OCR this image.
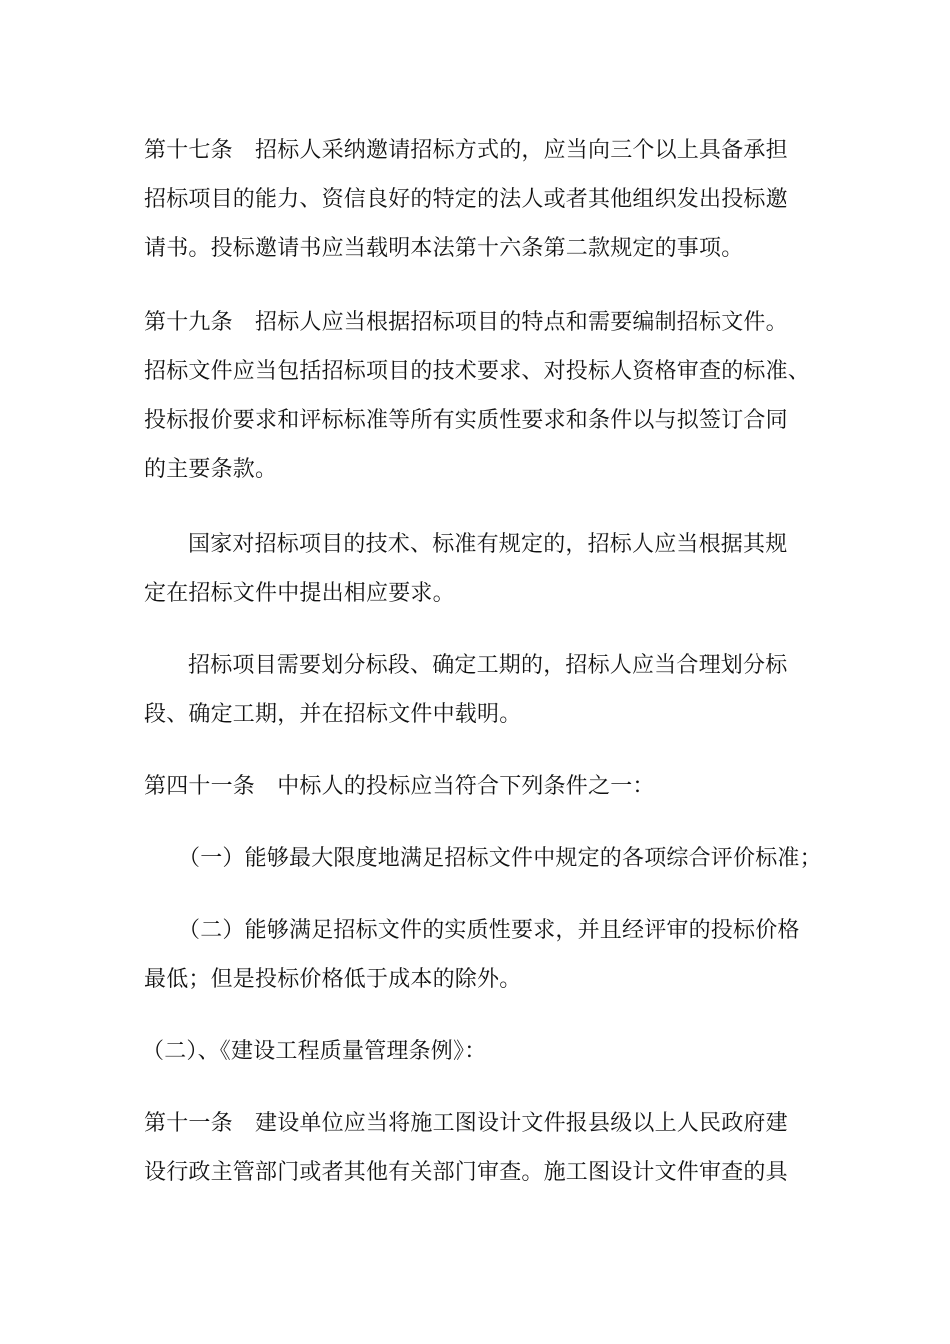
第十七条　招标人采纳邀请招标方式的，应当向三个以上具备承担
招标项目的能力、资信良好的特定的法人或者其他组织发出投标邀
请书。投标邀请书应当载明本法第十六条第二款规定的事项。
第十九条　招标人应当根据招标项目的特点和需要编制招标文件。
招标文件应当包括招标项目的技术要求、对投标人资格审查的标准、
投标报价要求和评标标准等所有实质性要求和条件以与拟签订合同
的主要条款。
国家对招标项目的技术、标准有规定的，招标人应当根据其规
定在招标文件中提出相应要求。
招标项目需要划分标段、确定工期的，招标人应当合理划分标
段、确定工期，并在招标文件中载明。
第四十一条　中标人的投标应当符合下列条件之一：
（一）能够最大限度地满足招标文件中规定的各项综合评价标准；
（二）能够满足招标文件的实质性要求，并且经评审的投标价格
最低；但是投标价格低于成本的除外。
（二）、《建设工程质量管理条例》：
第十一条　建设单位应当将施工图设计文件报县级以上人民政府建
设行政主管部门或者其他有关部门审查。施工图设计文件审查的具
